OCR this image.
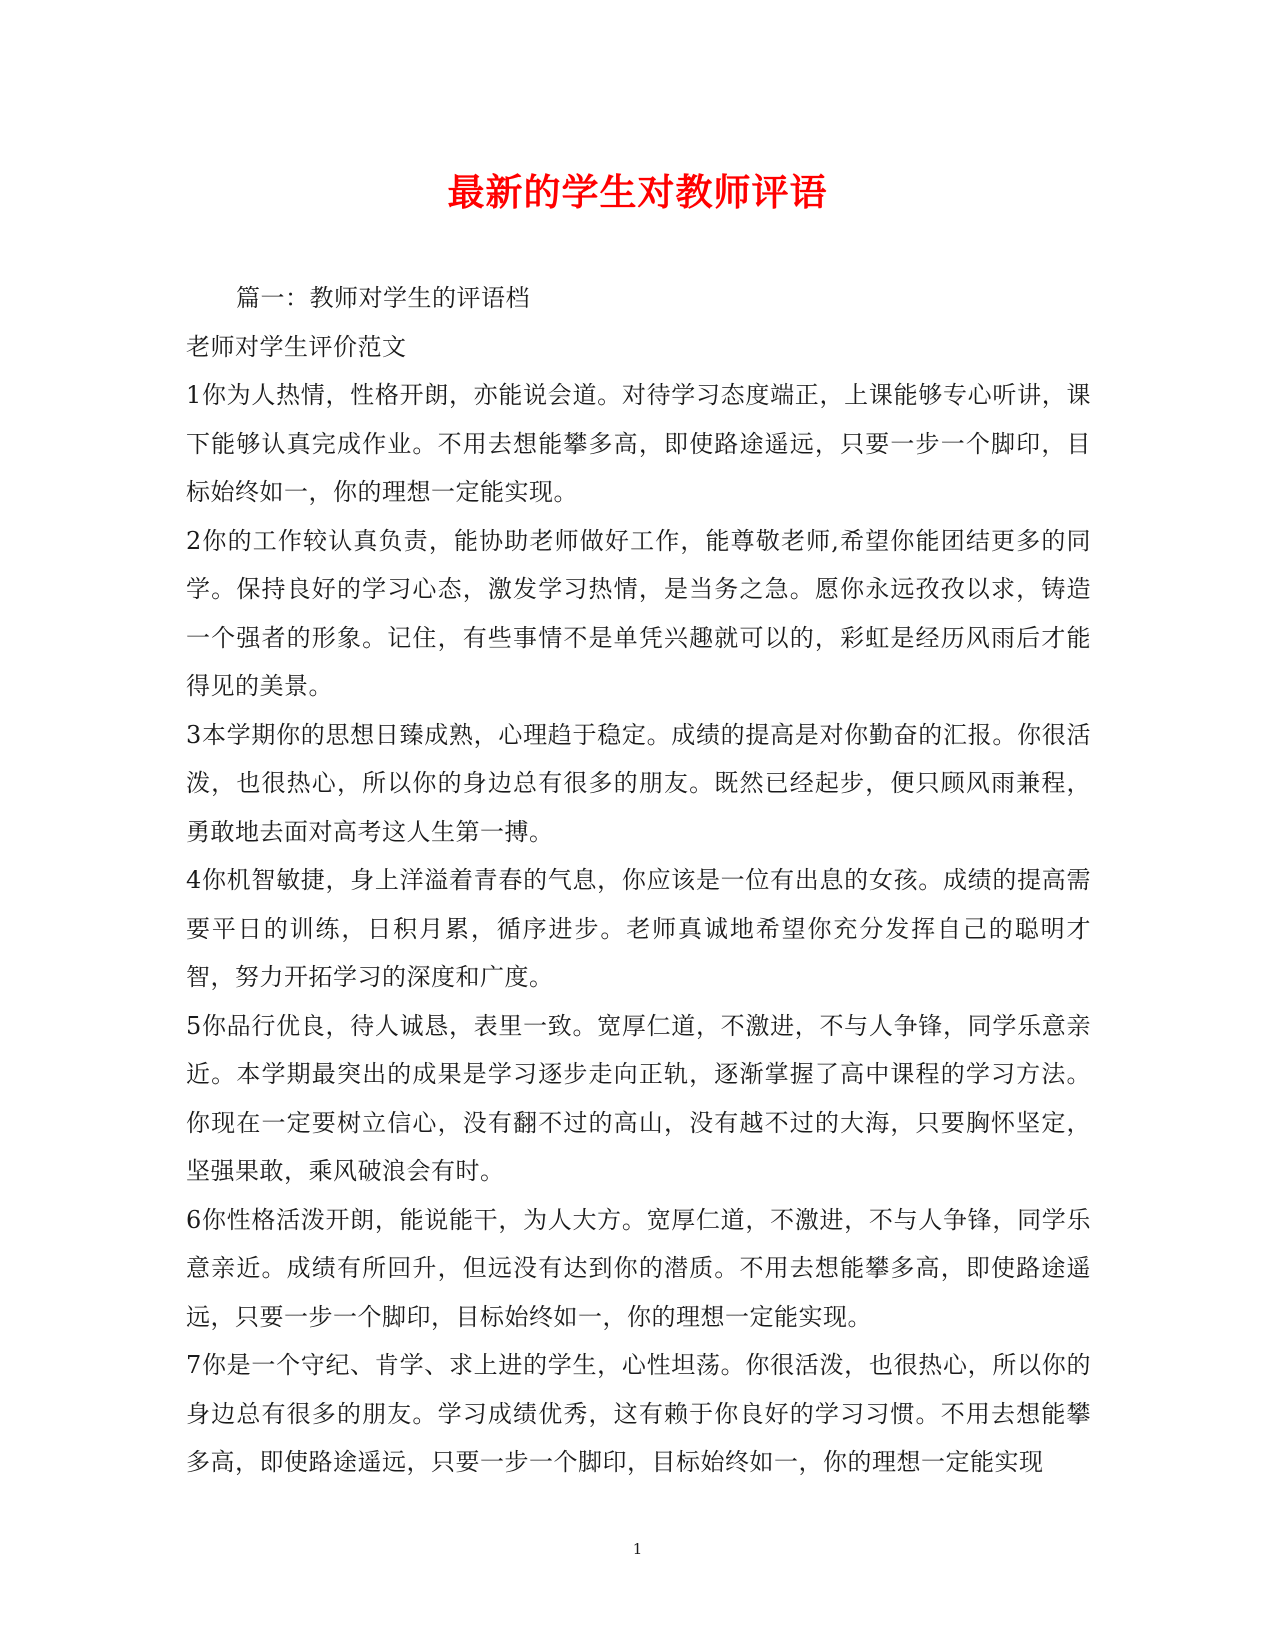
最新的学生对教师评语

篇一：教师对学生的评语档

老师对学生评价范文

1你为人热情，性格开朗，亦能说会道。对待学习态度端正，上课能够专心听讲，课下能够认真完成作业。不用去想能攀多高，即使路途遥远，只要一步一个脚印，目标始终如一，你的理想一定能实现。

2你的工作较认真负责，能协助老师做好工作，能尊敬老师,希望你能团结更多的同学。保持良好的学习心态，激发学习热情，是当务之急。愿你永远孜孜以求，铸造一个强者的形象。记住，有些事情不是单凭兴趣就可以的，彩虹是经历风雨后才能得见的美景。

3本学期你的思想日臻成熟，心理趋于稳定。成绩的提高是对你勤奋的汇报。你很活泼，也很热心，所以你的身边总有很多的朋友。既然已经起步，便只顾风雨兼程，勇敢地去面对高考这人生第一搏。

4你机智敏捷，身上洋溢着青春的气息，你应该是一位有出息的女孩。成绩的提高需要平日的训练，日积月累，循序进步。老师真诚地希望你充分发挥自己的聪明才智，努力开拓学习的深度和广度。

5你品行优良，待人诚恳，表里一致。宽厚仁道，不激进，不与人争锋，同学乐意亲近。本学期最突出的成果是学习逐步走向正轨，逐渐掌握了高中课程的学习方法。你现在一定要树立信心，没有翻不过的高山，没有越不过的大海，只要胸怀坚定，坚强果敢，乘风破浪会有时。

6你性格活泼开朗，能说能干，为人大方。宽厚仁道，不激进，不与人争锋，同学乐意亲近。成绩有所回升，但远没有达到你的潜质。不用去想能攀多高，即使路途遥远，只要一步一个脚印，目标始终如一，你的理想一定能实现。

7你是一个守纪、肯学、求上进的学生，心性坦荡。你很活泼，也很热心，所以你的身边总有很多的朋友。学习成绩优秀，这有赖于你良好的学习习惯。不用去想能攀多高，即使路途遥远，只要一步一个脚印，目标始终如一，你的理想一定能实现

1
